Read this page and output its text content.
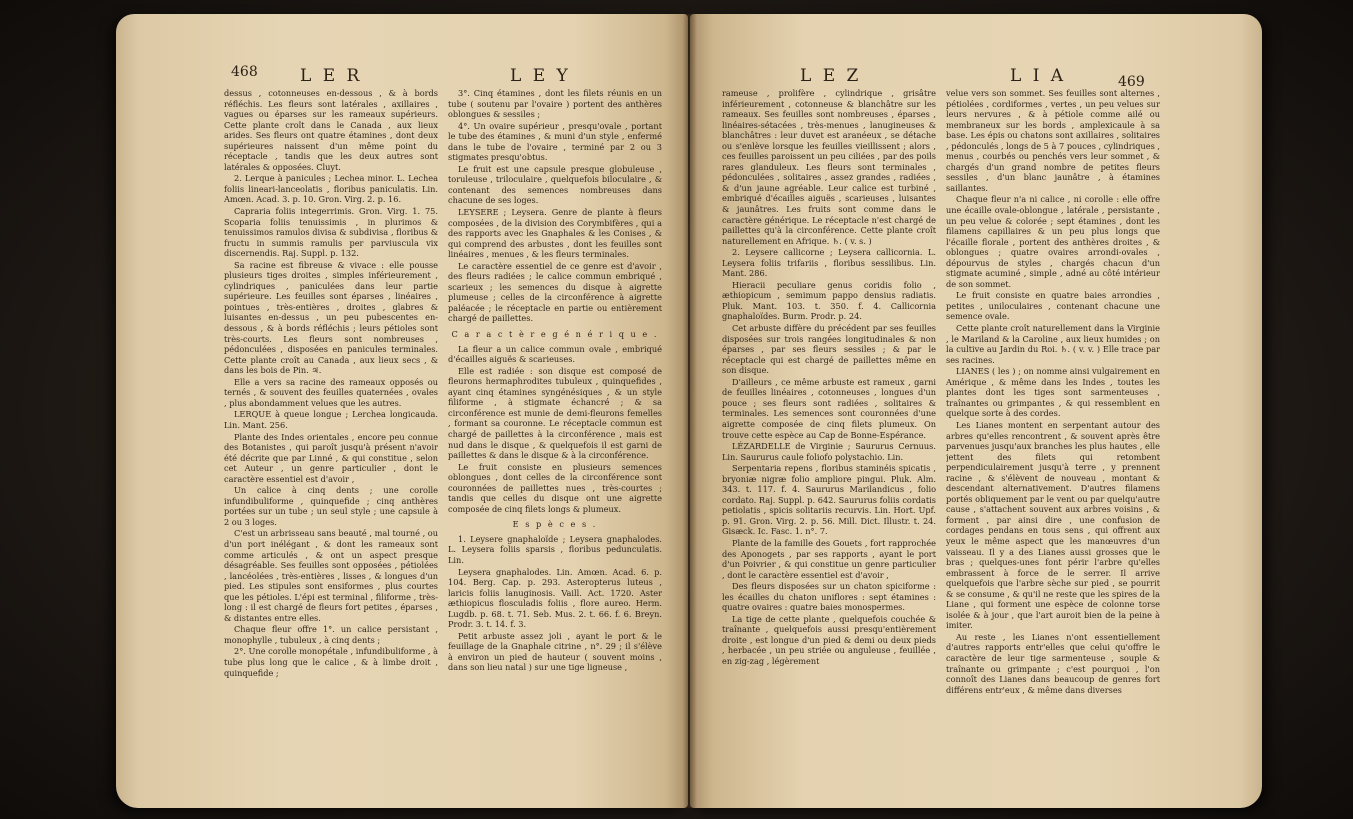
468 L E R	L E Y

dessus , cotonneuses en-dessous , & à bords réfléchis. Les fleurs sont latérales , axillaires , vagues ou éparses sur les rameaux supérieurs. Cette plante croît dans le Canada , aux lieux arides. Ses fleurs ont quatre étamines , dont deux supérieures naissent d'un même point du réceptacle , tandis que les deux autres sont latérales & opposées. Cluyt.

2. Lerque à panicules ; Lechea minor. L. Lechea foliis lineari-lanceolatis , floribus paniculatis. Lin. Amœn. Acad. 3. p. 10. Gron. Virg. 2. p. 16.

Capraria foliis integerrimis. Gron. Virg. 1. 75. Scoparia foliis tenuissimis , in plurimos & tenuissimos ramulos divisa & subdivisa , floribus & fructu in summis ramulis per parviuscula vix discernendis. Raj. Suppl. p. 132.

Sa racine est fibreuse & vivace : elle pousse plusieurs tiges droites , simples inférieurement , cylindriques , paniculées dans leur partie supérieure. Les feuilles sont éparses , linéaires , pointues , très-entières , droites , glabres & luisantes en-dessus , un peu pubescentes en-dessous , & à bords réfléchis ; leurs pétioles sont très-courts. Les fleurs sont nombreuses , pédonculées , disposées en panicules terminales. Cette plante croît au Canada , aux lieux secs , & dans les bois de Pin. ♃.

Elle a vers sa racine des rameaux opposés ou ternés , & souvent des feuilles quaternées , ovales , plus abondamment velues que les autres.

LERQUE à queue longue ; Lerchea longicauda. Lin. Mant. 256.

Plante des Indes orientales , encore peu connue des Botanistes , qui paroît jusqu'à présent n'avoir été décrite que par Linné , & qui constitue , selon cet Auteur , un genre particulier , dont le caractère essentiel est d'avoir ,

Un calice à cinq dents ; une corolle infundibuliforme , quinquefide ; cinq anthères portées sur un tube ; un seul style ; une capsule à 2 ou 3 loges.

C'est un arbrisseau sans beauté , mal tourné , ou d'un port inélégant , & dont les rameaux sont comme articulés , & ont un aspect presque désagréable. Ses feuilles sont opposées , pétiolées , lancéolées , très-entières , lisses , & longues d'un pied. Les stipules sont ensiformes , plus courtes que les pétioles. L'épi est terminal , filiforme , très-long : il est chargé de fleurs fort petites , éparses , & distantes entre elles.

Chaque fleur offre 1°. un calice persistant , monophylle , tubuleux , à cinq dents ;

2°. Une corolle monopétale , infundibuliforme , à tube plus long que le calice , & à limbe droit , quinquefide ;

3°. Cinq étamines , dont les filets réunis en un tube ( soutenu par l'ovaire ) portent des anthères oblongues & sessiles ;

4°. Un ovaire supérieur , presqu'ovale , portant le tube des étamines , & muni d'un style , enfermé dans le tube de l'ovaire , terminé par 2 ou 3 stigmates presqu'obtus.

Le fruit est une capsule presque globuleuse , toruleuse , triloculaire , quelquefois biloculaire , & contenant des semences nombreuses dans chacune de ses loges.

LEYSERE ; Leysera. Genre de plante à fleurs composées , de la division des Corymbifères , qui a des rapports avec les Gnaphales & les Conises , & qui comprend des arbustes , dont les feuilles sont linéaires , menues , & les fleurs terminales.

Le caractère essentiel de ce genre est d'avoir , des fleurs radiées ; le calice commun embriqué , scarieux ; les semences du disque à aigrette plumeuse ; celles de la circonférence à aigrette paléacée ; le réceptacle en partie ou entièrement chargé de paillettes.

C a r a c t è r e g é n é r i q u e .

La fleur a un calice commun ovale , embriqué d'écailles aiguës & scarieuses.

Elle est radiée : son disque est composé de fleurons hermaphrodites tubuleux , quinquefides , ayant cinq étamines syngénésiques , & un style filiforme , à stigmate échancré ; & sa circonférence est munie de demi-fleurons femelles , formant sa couronne. Le réceptacle commun est chargé de paillettes à la circonférence , mais est nud dans le disque , & quelquefois il est garni de paillettes & dans le disque & à la circonférence.

Le fruit consiste en plusieurs semences oblongues , dont celles de la circonférence sont couronnées de paillettes nues , très-courtes ; tandis que celles du disque ont une aigrette composée de cinq filets longs & plumeux.

E s p è c e s .

1. Leysere gnaphaloïde ; Leysera gnaphalodes. L. Leysera foliis sparsis , floribus pedunculatis. Lin.

Leysera gnaphalodes. Lin. Amœn. Acad. 6. p. 104. Berg. Cap. p. 293. Asteropterus luteus , laricis foliis lanuginosis. Vaill. Act. 1720. Aster æthiopicus flosculadis foliis , flore aureo. Herm. Lugdb. p. 68. t. 71. Seb. Mus. 2. t. 66. f. 6. Breyn. Prodr. 3. t. 14. f. 3.

Petit arbuste assez joli , ayant le port & le feuillage de la Gnaphale citrine , n°. 29 ; il s'élève à environ un pied de hauteur ( souvent moins , dans son lieu natal ) sur une tige ligneuse ,

L E Z	L I A	469

rameuse , prolifère , cylindrique , grisâtre inférieurement , cotonneuse & blanchâtre sur les rameaux. Ses feuilles sont nombreuses , éparses , linéaires-sétacées , très-menues , lanugineuses & blanchâtres : leur duvet est aranéeux , se détache ou s'enlève lorsque les feuilles vieillissent ; alors , ces feuilles paroissent un peu ciliées , par des poils rares glanduleux. Les fleurs sont terminales , pédonculées , solitaires , assez grandes , radiées , & d'un jaune agréable. Leur calice est turbiné , embriqué d'écailles aiguës , scarieuses , luisantes & jaunâtres. Les fruits sont comme dans le caractère générique. Le réceptacle n'est chargé de paillettes qu'à la circonférence. Cette plante croît naturellement en Afrique. ♄. ( v. s. )

2. Leysere callicorne ; Leysera callicornia. L. Leysera foliis trifariis , floribus sessilibus. Lin. Mant. 286.

Hieracii peculiare genus coridis folio , æthiopicum , semimum pappo densius radiatis. Pluk. Mant. 103. t. 350. f. 4. Callicornia gnaphaloïdes. Burm. Prodr. p. 24.

Cet arbuste diffère du précédent par ses feuilles disposées sur trois rangées longitudinales & non éparses , par ses fleurs sessiles ; & par le réceptacle qui est chargé de paillettes même en son disque.

D'ailleurs , ce même arbuste est rameux , garni de feuilles linéaires , cotonneuses , longues d'un pouce ; ses fleurs sont radiées , solitaires & terminales. Les semences sont couronnées d'une aigrette composée de cinq filets plumeux. On trouve cette espèce au Cap de Bonne-Espérance.

LÉZARDELLE de Virginie ; Saururus Cernuus. Lin. Saururus caule foliofo polystachio. Lin.

Serpentaria repens , floribus staminéis spicatis , bryoniæ nigræ folio ampliore pingui. Pluk. Alm. 343. t. 117. f. 4. Saururus Marilandicus , folio cordato. Raj. Suppl. p. 642. Saururus foliis cordatis petiolatis , spicis solitariis recurvis. Lin. Hort. Upf. p. 91. Gron. Virg. 2. p. 56. Mill. Dict. Illustr. t. 24. Gisæck. Ic. Fasc. 1. n°. 7.

Plante de la famille des Gouets , fort rapprochée des Aponogets , par ses rapports , ayant le port d'un Poivrier , & qui constitue un genre particulier , dont le caractère essentiel est d'avoir ,

Des fleurs disposées sur un chaton spiciforme : les écailles du chaton uniflores : sept étamines : quatre ovaires : quatre baies monospermes.

La tige de cette plante , quelquefois couchée & traînante , quelquefois aussi presqu'entièrement droite , est longue d'un pied & demi ou deux pieds , herbacée , un peu striée ou anguleuse , feuillée , en zig-zag , légèrement

velue vers son sommet. Ses feuilles sont alternes , pétiolées , cordiformes , vertes , un peu velues sur leurs nervures , & à pétiole comme ailé ou membraneux sur les bords , amplexicaule à sa base. Les épis ou chatons sont axillaires , solitaires , pédonculés , longs de 5 à 7 pouces , cylindriques , menus , courbés ou penchés vers leur sommet , & chargés d'un grand nombre de petites fleurs sessiles , d'un blanc jaunâtre , à étamines saillantes.

Chaque fleur n'a ni calice , ni corolle : elle offre une écaille ovale-oblongue , latérale , persistante , un peu velue & colorée ; sept étamines , dont les filamens capillaires & un peu plus longs que l'écaille florale , portent des anthères droites , & oblongues ; quatre ovaires arrondi-ovales , dépourvus de styles , chargés chacun d'un stigmate acuminé , simple , adné au côté intérieur de son sommet.

Le fruit consiste en quatre baies arrondies , petites , uniloculaires , contenant chacune une semence ovale.

Cette plante croît naturellement dans la Virginie , le Mariland & la Caroline , aux lieux humides ; on la cultive au Jardin du Roi. ♄. ( v. v. ) Elle trace par ses racines.

LIANES ( les ) ; on nomme ainsi vulgairement en Amérique , & même dans les Indes , toutes les plantes dont les tiges sont sarmenteuses , traînantes ou grimpantes , & qui ressemblent en quelque sorte à des cordes.

Les Lianes montent en serpentant autour des arbres qu'elles rencontrent , & souvent après être parvenues jusqu'aux branches les plus hautes , elle jettent des filets qui retombent perpendiculairement jusqu'à terre , y prennent racine , & s'élèvent de nouveau , montant & descendant alternativement. D'autres filamens portés obliquement par le vent ou par quelqu'autre cause , s'attachent souvent aux arbres voisins , & forment , par ainsi dire , une confusion de cordages pendans en tous sens , qui offrent aux yeux le même aspect que les manœuvres d'un vaisseau. Il y a des Lianes aussi grosses que le bras ; quelques-unes font périr l'arbre qu'elles embrassent à force de le serrer. Il arrive quelquefois que l'arbre sèche sur pied , se pourrit & se consume , & qu'il ne reste que les spires de la Liane , qui forment une espèce de colonne torse isolée & à jour , que l'art auroit bien de la peine à imiter.

Au reste , les Lianes n'ont essentiellement d'autres rapports entr'elles que celui qu'offre le caractère de leur tige sarmenteuse , souple & traînante ou grimpante ; c'est pourquoi , l'on connoît des Lianes dans beaucoup de genres fort différens entr'eux , & même dans diverses
